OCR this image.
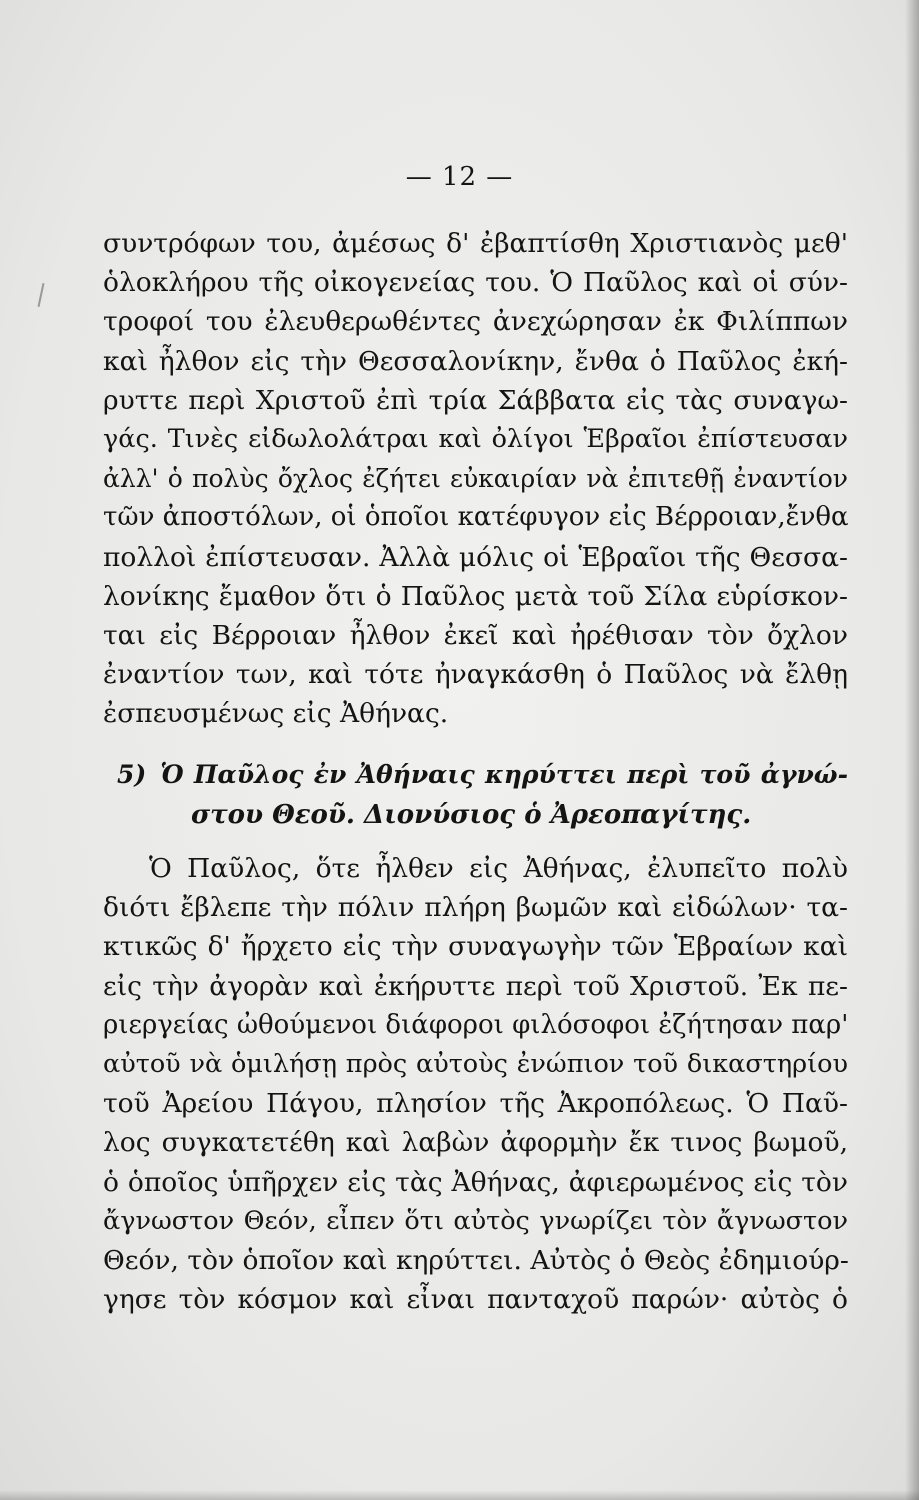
— 12 —
συντρόφων του, ἀμέσως δ' ἐβαπτίσθη Χριστιανὸς μεθ'
ὁλοκλήρου τῆς οἰκογενείας του. Ὁ Παῦλος καὶ οἱ σύν-
τροφοί του ἐλευθερωθέντες ἀνεχώρησαν ἐκ Φιλίππων
καὶ ἦλθον εἰς τὴν Θεσσαλονίκην, ἔνθα ὁ Παῦλος ἐκή-
ρυττε περὶ Χριστοῦ ἐπὶ τρία Σάββατα εἰς τὰς συναγω-
γάς. Τινὲς εἰδωλολάτραι καὶ ὀλίγοι Ἑβραῖοι ἐπίστευσαν
ἀλλ' ὁ πολὺς ὄχλος ἐζήτει εὐκαιρίαν νὰ ἐπιτεθῇ ἐναντίον
τῶν ἀποστόλων, οἱ ὁποῖοι κατέφυγον εἰς Βέρροιαν,ἔνθα
πολλοὶ ἐπίστευσαν. Ἀλλὰ μόλις οἱ Ἑβραῖοι τῆς Θεσσα-
λονίκης ἔμαθον ὅτι ὁ Παῦλος μετὰ τοῦ Σίλα εὑρίσκον-
ται εἰς Βέρροιαν ἦλθον ἐκεῖ καὶ ἠρέθισαν τὸν ὄχλον
ἐναντίον των, καὶ τότε ἠναγκάσθη ὁ Παῦλος νὰ ἔλθῃ
ἐσπευσμένως εἰς Ἀθήνας.
5) Ὁ Παῦλος ἐν Ἀθήναις κηρύττει περὶ τοῦ ἀγνώ-
στου Θεοῦ. Διονύσιος ὁ Ἀρεοπαγίτης.
Ὁ Παῦλος, ὅτε ἦλθεν εἰς Ἀθήνας, ἐλυπεῖτο πολὺ
διότι ἔβλεπε τὴν πόλιν πλήρη βωμῶν καὶ εἰδώλων· τα-
κτικῶς δ' ἤρχετο εἰς τὴν συναγωγὴν τῶν Ἑβραίων καὶ
εἰς τὴν ἀγορὰν καὶ ἐκήρυττε περὶ τοῦ Χριστοῦ. Ἐκ πε-
ριεργείας ὠθούμενοι διάφοροι φιλόσοφοι ἐζήτησαν παρ'
αὐτοῦ νὰ ὁμιλήσῃ πρὸς αὐτοὺς ἐνώπιον τοῦ δικαστηρίου
τοῦ Ἀρείου Πάγου, πλησίον τῆς Ἀκροπόλεως. Ὁ Παῦ-
λος συγκατετέθη καὶ λαβὼν ἀφορμὴν ἔκ τινος βωμοῦ,
ὁ ὁποῖος ὑπῆρχεν εἰς τὰς Ἀθήνας, ἀφιερωμένος εἰς τὸν
ἄγνωστον Θεόν, εἶπεν ὅτι αὐτὸς γνωρίζει τὸν ἄγνωστον
Θεόν, τὸν ὁποῖον καὶ κηρύττει. Αὐτὸς ὁ Θεὸς ἐδημιούρ-
γησε τὸν κόσμον καὶ εἶναι πανταχοῦ παρών· αὐτὸς ὁ
